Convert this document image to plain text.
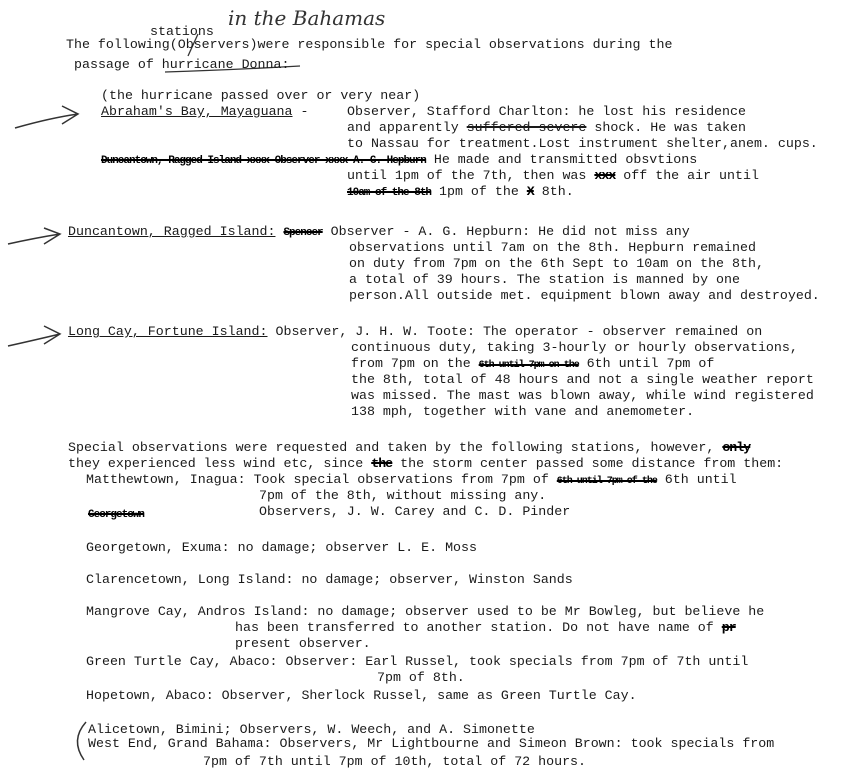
stations
in the Bahamas
The following(Observers)were responsible for special observations during the
passage of hurricane Donna:
(the hurricane passed over or very near)
Abraham's Bay, Mayaguana - Observer, Stafford Charlton: he lost his residence
and apparently suffered severe shock. He was taken
to Nassau for treatment.Lost instrument shelter,anem. cups.
Duncantown, Ragged Island xxxx Observer xxxx A. G. Hepburn He made and transmitted obsvtions
until 1pm of the 7th, then was xxx off the air until
10am of the 8th 1pm of the X 8th.
Duncantown, Ragged Island: Spencer Observer - A. G. Hepburn: He did not miss any
observations until 7am on the 8th. Hepburn remained
on duty from 7pm on the 6th Sept to 10am on the 8th,
a total of 39 hours. The station is manned by one
person.All outside met. equipment blown away and destroyed.
Long Cay, Fortune Island: Observer, J. H. W. Toote: The operator - observer remained on
continuous duty, taking 3-hourly or hourly observations,
from 7pm on the 6th until 7pm on the 6th until 7pm of
the 8th, total of 48 hours and not a single weather report
was missed. The mast was blown away, while wind registered
138 mph, together with vane and anemometer.
Special observations were requested and taken by the following stations, however, only
they experienced less wind etc, since the the storm center passed some distance from them:
Matthewtown, Inagua: Took special observations from 7pm of 6th until 7pm of the 6th until
7pm of the 8th, without missing any.
Georgetown	Observers, J. W. Carey and C. D. Pinder
Georgetown, Exuma: no damage; observer L. E. Moss
Clarencetown, Long Island: no damage; observer, Winston Sands
Mangrove Cay, Andros Island: no damage; observer used to be Mr Bowleg, but believe he
has been transferred to another station. Do not have name of pr
present observer.
Green Turtle Cay, Abaco: Observer: Earl Russel, took specials from 7pm of 7th until
7pm of 8th.
Hopetown, Abaco: Observer, Sherlock Russel, same as Green Turtle Cay.
Alicetown, Bimini; Observers, W. Weech, and A. Simonette
West End, Grand Bahama: Observers, Mr Lightbourne and Simeon Brown: took specials from
7pm of 7th until 7pm of 10th, total of 72 hours.
